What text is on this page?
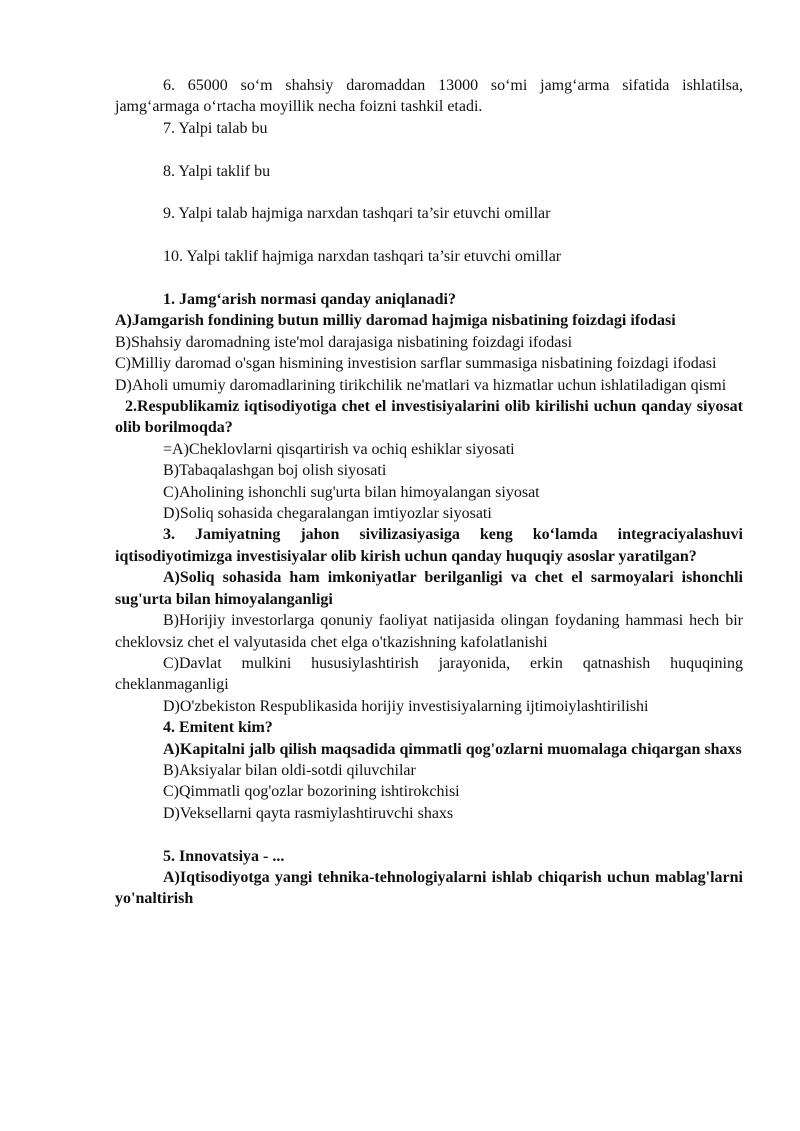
6. 65000 so‘m shahsiy daromaddan 13000 so‘mi jamg‘arma sifatida ishlatilsa, jamg‘armaga o‘rtacha moyillik necha foizni tashkil etadi.

7. Yalpi talab bu

8. Yalpi taklif bu

9. Yalpi talab hajmiga narxdan tashqari ta’sir etuvchi omillar

10. Yalpi taklif hajmiga narxdan tashqari ta’sir etuvchi omillar

1. Jamg‘arish normasi qanday aniqlanadi?

A)Jamgarish fondining butun milliy daromad hajmiga nisbatining foizdagi ifodasi

B)Shahsiy daromadning iste'mol darajasiga nisbatining foizdagi ifodasi

C)Milliy daromad o'sgan hismining investision sarflar summasiga nisbatining foizdagi ifodasi

D)Aholi umumiy daromadlarining tirikchilik ne'matlari va hizmatlar uchun ishlatiladigan qismi

2.Respublikamiz iqtisodiyotiga chet el investisiyalarini olib kirilishi uchun qanday siyosat olib borilmoqda?

=A)Cheklovlarni qisqartirish va ochiq eshiklar siyosati

B)Tabaqalashgan boj olish siyosati

C)Aholining ishonchli sug'urta bilan himoyalangan siyosat

D)Soliq sohasida chegaralangan imtiyozlar siyosati

3. Jamiyatning jahon sivilizasiyasiga keng ko‘lamda integraciyalashuvi iqtisodiyotimizga investisiyalar olib kirish uchun qanday huquqiy asoslar yaratilgan?

A)Soliq sohasida ham imkoniyatlar berilganligi va chet el sarmoyalari ishonchli sug'urta bilan himoyalanganligi

B)Horijiy investorlarga qonuniy faoliyat natijasida olingan foydaning hammasi hech bir cheklovsiz chet el valyutasida chet elga o'tkazishning kafolatlanishi

C)Davlat mulkini hususiylashtirish jarayonida, erkin qatnashish huquqining cheklanmaganligi

D)O'zbekiston Respublikasida horijiy investisiyalarning ijtimoiylashtirilishi

4. Emitent kim?

A)Kapitalni jalb qilish maqsadida qimmatli qog'ozlarni muomalaga chiqargan shaxs

B)Aksiyalar bilan oldi-sotdi qiluvchilar

C)Qimmatli qog'ozlar bozorining ishtirokchisi

D)Veksellarni qayta rasmiylashtiruvchi shaxs

5. Innovatsiya - ...

A)Iqtisodiyotga yangi tehnika-tehnologiyalarni ishlab chiqarish uchun mablag'larni yo'naltirish
